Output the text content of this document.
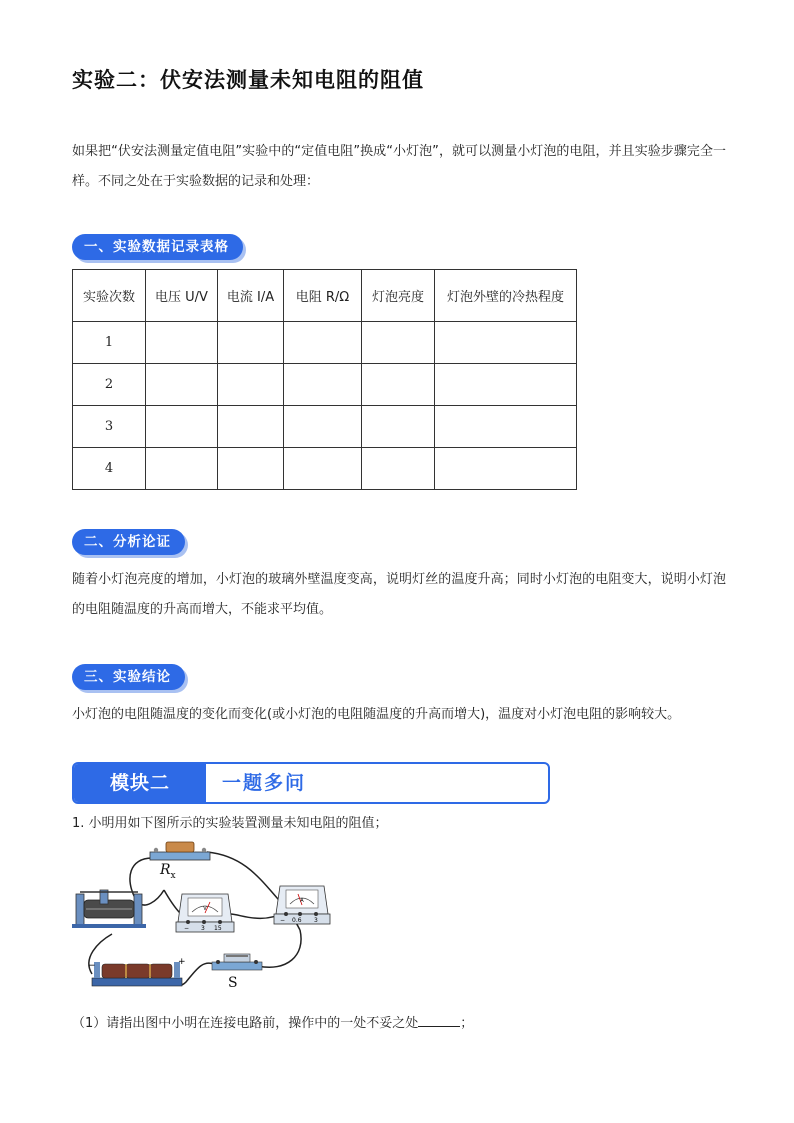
实验二：伏安法测量未知电阻的阻值
如果把“伏安法测量定值电阻”实验中的“定值电阻”换成“小灯泡”，就可以测量小灯泡的电阻，并且实验步骤完全一样。不同之处在于实验数据的记录和处理：
一、实验数据记录表格
实验次数	电压 U/V	电流 I/A	电阻 R/Ω	灯泡亮度	灯泡外壁的冷热程度
1					
2					
3					
4					
二、分析论证
随着小灯泡亮度的增加，小灯泡的玻璃外壁温度变高，说明灯丝的温度升高；同时小灯泡的电阻变大，说明小灯泡的电阻随温度的升高而增大，不能求平均值。
三、实验结论
小灯泡的电阻随温度的变化而变化(或小灯泡的电阻随温度的升高而增大)，温度对小灯泡电阻的影响较大。
模块二	一题多问
1. 小明用如下图所示的实验装置测量未知电阻的阻值；
V
− 3 15
A
− 0.6 3
−	+
$R_x$
S
（1）请指出图中小明在连接电路前，操作中的一处不妥之处	；
